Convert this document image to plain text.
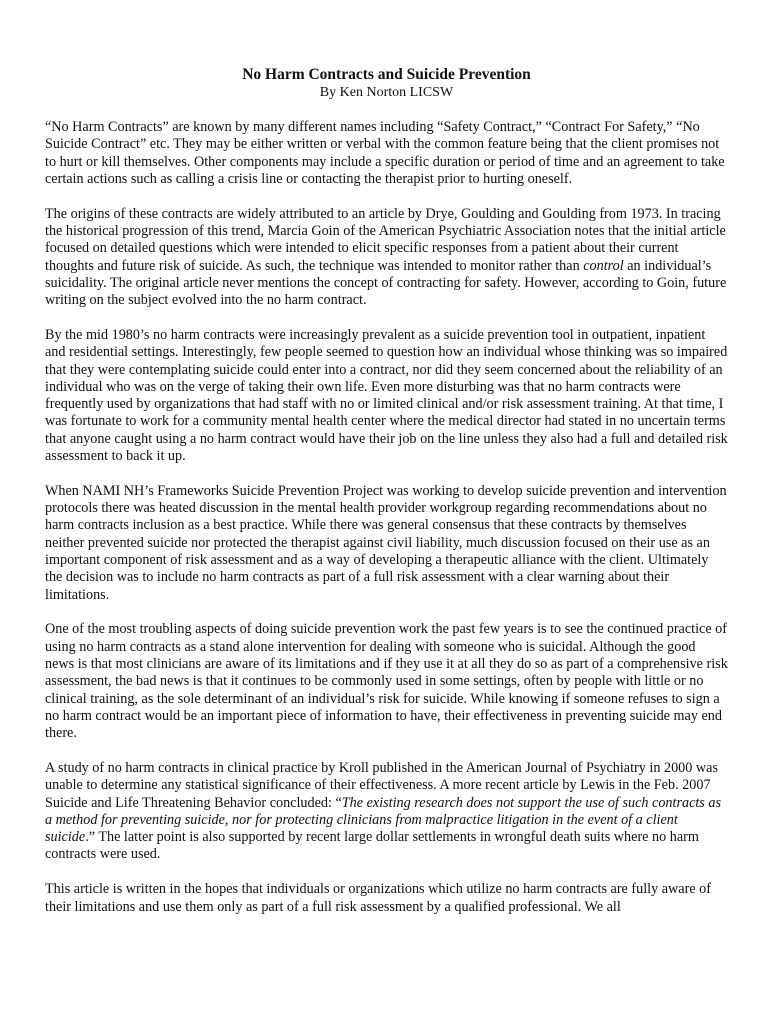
No Harm Contracts and Suicide Prevention
By Ken Norton LICSW

“No Harm Contracts” are known by many different names including “Safety Contract,” “Contract For Safety,” “No Suicide Contract” etc. They may be either written or verbal with the common feature being that the client promises not to hurt or kill themselves. Other components may include a specific duration or period of time and an agreement to take certain actions such as calling a crisis line or contacting the therapist prior to hurting oneself.

The origins of these contracts are widely attributed to an article by Drye, Goulding and Goulding from 1973. In tracing the historical progression of this trend, Marcia Goin of the American Psychiatric Association notes that the initial article focused on detailed questions which were intended to elicit specific responses from a patient about their current thoughts and future risk of suicide. As such, the technique was intended to monitor rather than control an individual’s suicidality. The original article never mentions the concept of contracting for safety. However, according to Goin, future writing on the subject evolved into the no harm contract.

By the mid 1980’s no harm contracts were increasingly prevalent as a suicide prevention tool in outpatient, inpatient and residential settings. Interestingly, few people seemed to question how an individual whose thinking was so impaired that they were contemplating suicide could enter into a contract, nor did they seem concerned about the reliability of an individual who was on the verge of taking their own life. Even more disturbing was that no harm contracts were frequently used by organizations that had staff with no or limited clinical and/or risk assessment training. At that time, I was fortunate to work for a community mental health center where the medical director had stated in no uncertain terms that anyone caught using a no harm contract would have their job on the line unless they also had a full and detailed risk assessment to back it up.

When NAMI NH’s Frameworks Suicide Prevention Project was working to develop suicide prevention and intervention protocols there was heated discussion in the mental health provider workgroup regarding recommendations about no harm contracts inclusion as a best practice. While there was general consensus that these contracts by themselves neither prevented suicide nor protected the therapist against civil liability, much discussion focused on their use as an important component of risk assessment and as a way of developing a therapeutic alliance with the client. Ultimately the decision was to include no harm contracts as part of a full risk assessment with a clear warning about their limitations.

One of the most troubling aspects of doing suicide prevention work the past few years is to see the continued practice of using no harm contracts as a stand alone intervention for dealing with someone who is suicidal. Although the good news is that most clinicians are aware of its limitations and if they use it at all they do so as part of a comprehensive risk assessment, the bad news is that it continues to be commonly used in some settings, often by people with little or no clinical training, as the sole determinant of an individual’s risk for suicide. While knowing if someone refuses to sign a no harm contract would be an important piece of information to have, their effectiveness in preventing suicide may end there.

A study of no harm contracts in clinical practice by Kroll published in the American Journal of Psychiatry in 2000 was unable to determine any statistical significance of their effectiveness. A more recent article by Lewis in the Feb. 2007 Suicide and Life Threatening Behavior concluded: “The existing research does not support the use of such contracts as a method for preventing suicide, nor for protecting clinicians from malpractice litigation in the event of a client suicide.” The latter point is also supported by recent large dollar settlements in wrongful death suits where no harm contracts were used.

This article is written in the hopes that individuals or organizations which utilize no harm contracts are fully aware of their limitations and use them only as part of a full risk assessment by a qualified professional. We all
